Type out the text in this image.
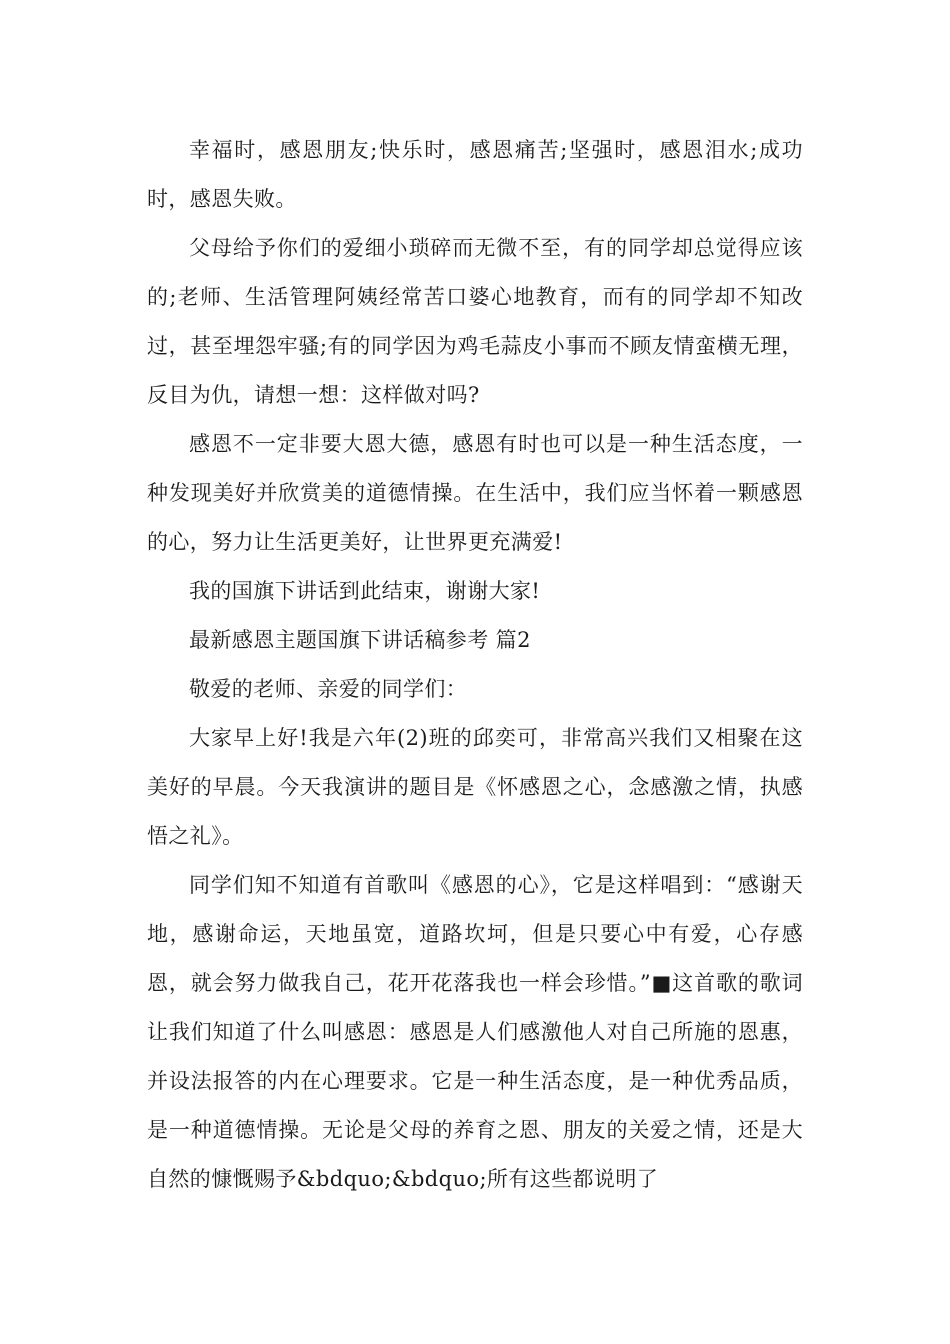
幸福时，感恩朋友;快乐时，感恩痛苦;坚强时，感恩泪水;成功时，感恩失败。

父母给予你们的爱细小琐碎而无微不至，有的同学却总觉得应该的;老师、生活管理阿姨经常苦口婆心地教育，而有的同学却不知改过，甚至埋怨牢骚;有的同学因为鸡毛蒜皮小事而不顾友情蛮横无理，反目为仇，请想一想：这样做对吗?

感恩不一定非要大恩大德，感恩有时也可以是一种生活态度，一种发现美好并欣赏美的道德情操。在生活中，我们应当怀着一颗感恩的心，努力让生活更美好，让世界更充满爱!

我的国旗下讲话到此结束，谢谢大家!

最新感恩主题国旗下讲话稿参考 篇2

敬爱的老师、亲爱的同学们：

大家早上好!我是六年(2)班的邱奕可，非常高兴我们又相聚在这美好的早晨。今天我演讲的题目是《怀感恩之心，念感激之情，执感悟之礼》。

同学们知不知道有首歌叫《感恩的心》，它是这样唱到：“感谢天地，感谢命运，天地虽宽，道路坎坷，但是只要心中有爱，心存感恩，就会努力做我自己，花开花落我也一样会珍惜。”■这首歌的歌词让我们知道了什么叫感恩：感恩是人们感激他人对自己所施的恩惠，并设法报答的内在心理要求。它是一种生活态度，是一种优秀品质，是一种道德情操。无论是父母的养育之恩、朋友的关爱之情，还是大自然的慷慨赐予&bdquo;&bdquo;所有这些都说明了
